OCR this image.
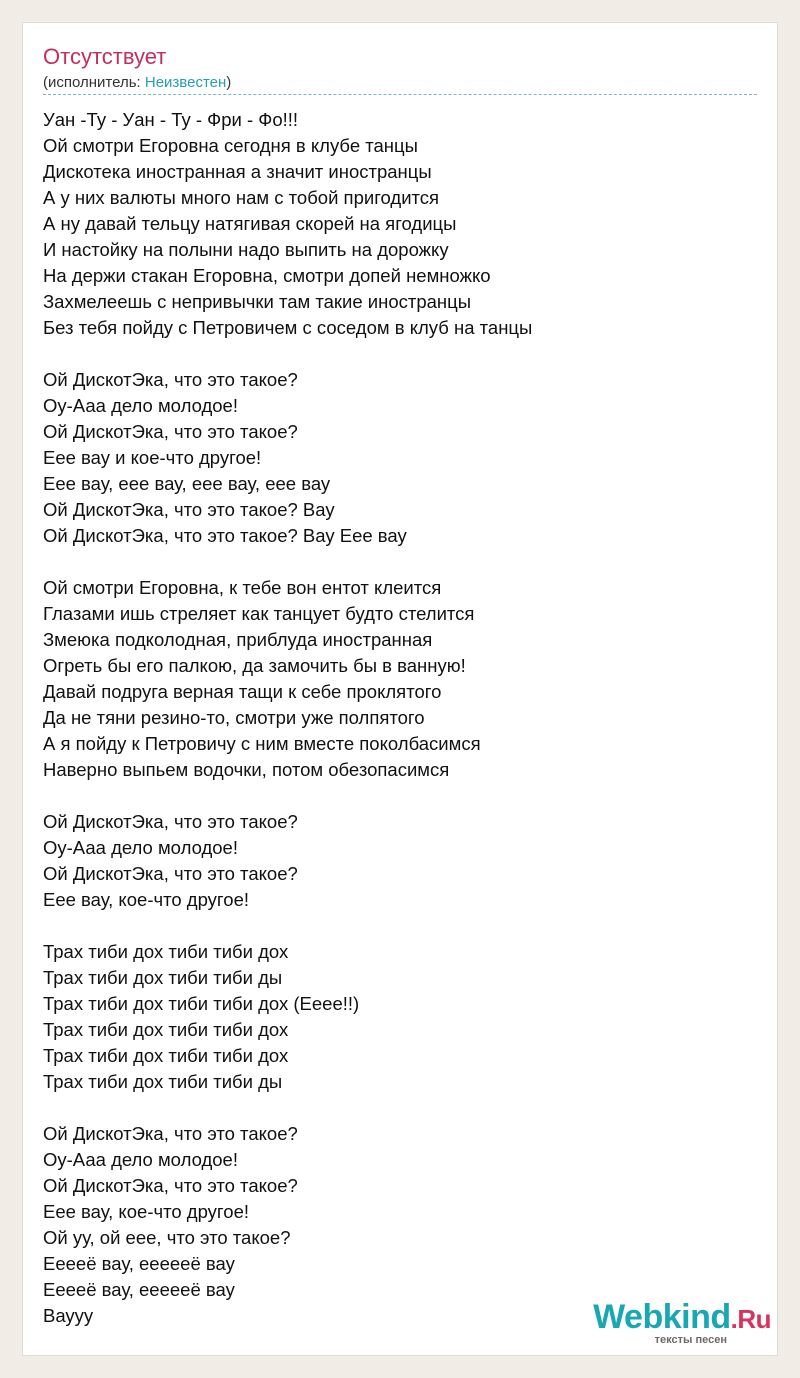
Отсутствует
(исполнитель: Неизвестен)
Уан -Ту - Уан - Ту - Фри - Фо!!!
Ой смотри Егоровна сегодня в клубе танцы
Дискотека иностранная а значит иностранцы
А у них валюты много нам с тобой пригодится
А ну давай тельцу натягивая скорей на ягодицы
И настойку на полыни надо выпить на дорожку
На держи стакан Егоровна, смотри допей немножко
Захмелеешь с непривычки там такие иностранцы
Без тебя пойду с Петровичем с соседом в клуб на танцы
Ой ДискотЭка, что это такое?
Оу-Ааа дело молодое!
Ой ДискотЭка, что это такое?
Еее вау и кое-что другое!
Еее вау, еее вау, еее вау, еее вау
Ой ДискотЭка, что это такое? Вау
Ой ДискотЭка, что это такое? Вау Еее вау
Ой смотри Егоровна, к тебе вон ентот клеится
Глазами ишь стреляет как танцует будто стелится
Змеюка подколодная, приблуда иностранная
Огреть бы его палкою, да замочить бы в ванную!
Давай подруга верная тащи к себе проклятого
Да не тяни резино-то, смотри уже полпятого
А я пойду к Петровичу с ним вместе поколбасимся
Наверно выпьем водочки, потом обезопасимся
Ой ДискотЭка, что это такое?
Оу-Ааа дело молодое!
Ой ДискотЭка, что это такое?
Еее вау, кое-что другое!
Трах тиби дох тиби тиби дох
Трах тиби дох тиби тиби ды
Трах тиби дох тиби тиби дох (Ееее!!)
Трах тиби дох тиби тиби дох
Трах тиби дох тиби тиби дох
Трах тиби дох тиби тиби ды
Ой ДискотЭка, что это такое?
Оу-Ааа дело молодое!
Ой ДискотЭка, что это такое?
Еее вау, кое-что другое!
Ой уу, ой еее, что это такое?
Еееeё вау, еееееё вау
Еееeё вау, еееееё вау
Вауyу	Webkind.Ru
тексты песен
